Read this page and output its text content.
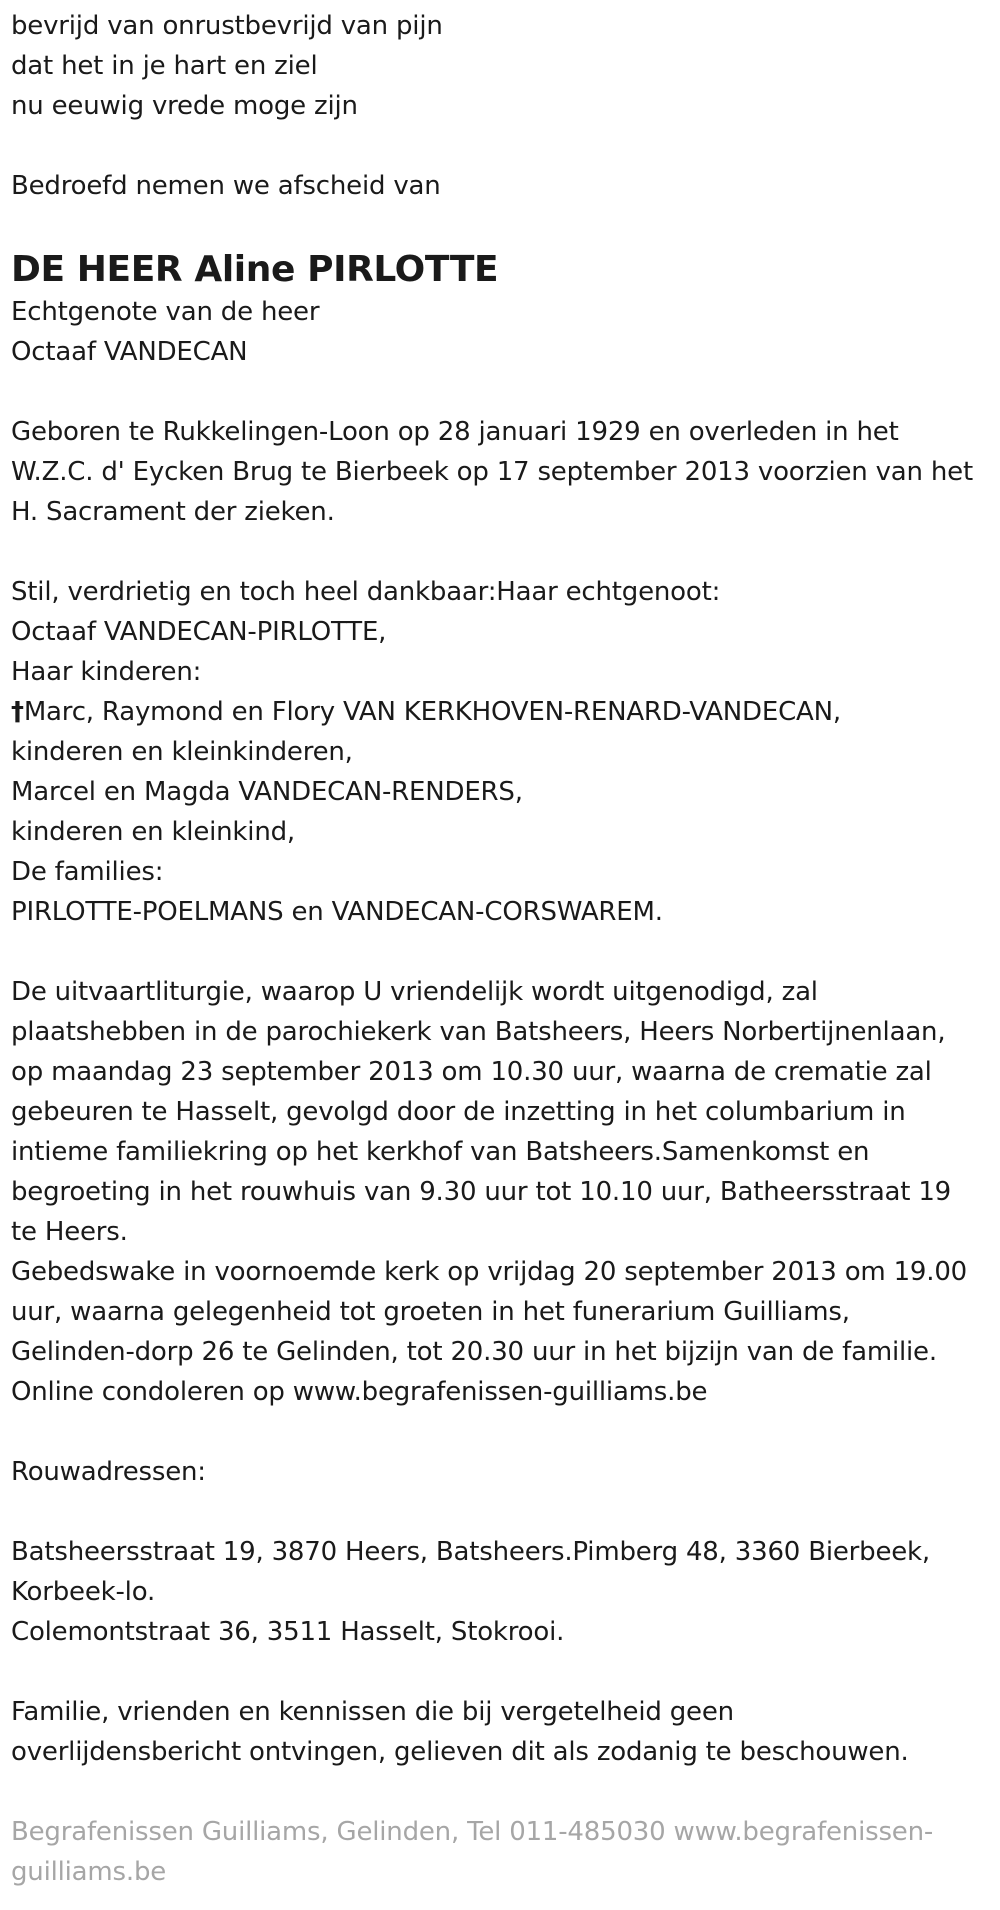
bevrijd van onrustbevrijd van pijn
dat het in je hart en ziel
nu eeuwig vrede moge zijn
Bedroefd nemen we afscheid van
DE HEER Aline PIRLOTTE
Echtgenote van de heer
Octaaf VANDECAN
Geboren te Rukkelingen-Loon op 28 januari 1929 en overleden in het
W.Z.C. d' Eycken Brug te Bierbeek op 17 september 2013 voorzien van het
H. Sacrament der zieken.
Stil, verdrietig en toch heel dankbaar:Haar echtgenoot:
Octaaf VANDECAN-PIRLOTTE,
Haar kinderen:
†Marc, Raymond en Flory VAN KERKHOVEN-RENARD-VANDECAN,
kinderen en kleinkinderen,
Marcel en Magda VANDECAN-RENDERS,
kinderen en kleinkind,
De families:
PIRLOTTE-POELMANS en VANDECAN-CORSWAREM.
De uitvaartliturgie, waarop U vriendelijk wordt uitgenodigd, zal
plaatshebben in de parochiekerk van Batsheers, Heers Norbertijnenlaan,
op maandag 23 september 2013 om 10.30 uur, waarna de crematie zal
gebeuren te Hasselt, gevolgd door de inzetting in het columbarium in
intieme familiekring op het kerkhof van Batsheers.Samenkomst en
begroeting in het rouwhuis van 9.30 uur tot 10.10 uur, Batheersstraat 19
te Heers.
Gebedswake in voornoemde kerk op vrijdag 20 september 2013 om 19.00
uur, waarna gelegenheid tot groeten in het funerarium Guilliams,
Gelinden-dorp 26 te Gelinden, tot 20.30 uur in het bijzijn van de familie.
Online condoleren op www.begrafenissen-guilliams.be
Rouwadressen:
Batsheersstraat 19, 3870 Heers, Batsheers.Pimberg 48, 3360 Bierbeek,
Korbeek-lo.
Colemontstraat 36, 3511 Hasselt, Stokrooi.
Familie, vrienden en kennissen die bij vergetelheid geen
overlijdensbericht ontvingen, gelieven dit als zodanig te beschouwen.
Begrafenissen Guilliams, Gelinden, Tel 011-485030 www.begrafenissen-
guilliams.be
